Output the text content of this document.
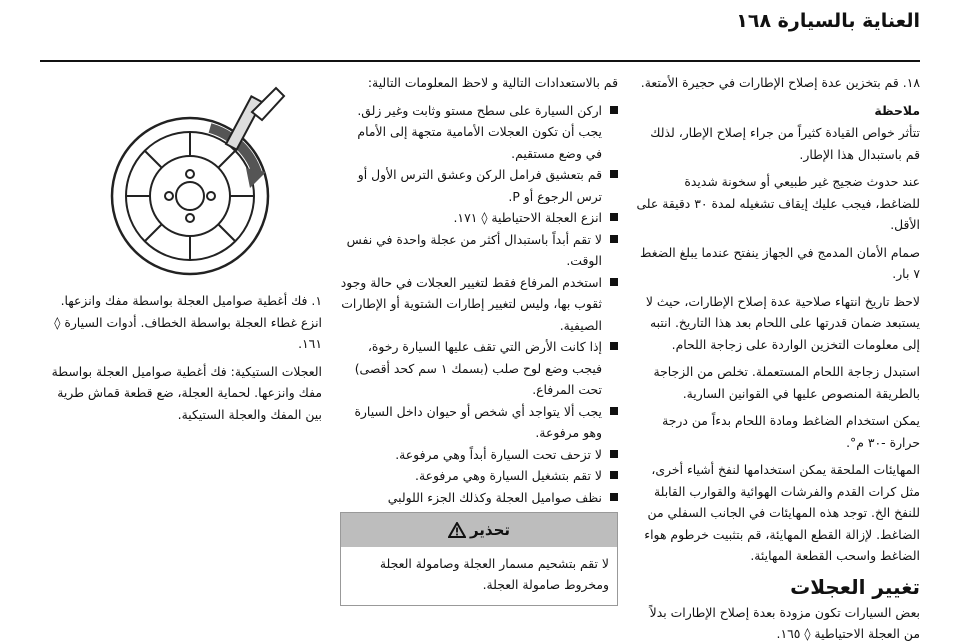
العناية بالسيارة ١٦٨

١٨. قم بتخزين عدة إصلاح الإطارات في حجيرة الأمتعة.

ملاحظة

تتأثر خواص القيادة كثيراً من جراء إصلاح الإطار، لذلك قم باستبدال هذا الإطار.

عند حدوث ضجيج غير طبيعي أو سخونة شديدة للضاغط، فيجب عليك إيقاف تشغيله لمدة ٣٠ دقيقة على الأقل.

صمام الأمان المدمج في الجهاز ينفتح عندما يبلغ الضغط ٧ بار.

لاحظ تاريخ انتهاء صلاحية عدة إصلاح الإطارات، حيث لا يستبعد ضمان قدرتها على اللحام بعد هذا التاريخ. انتبه إلى معلومات التخزين الواردة على زجاجة اللحام.

استبدل زجاجة اللحام المستعملة. تخلص من الزجاجة بالطريقة المنصوص عليها في القوانين السارية.

يمكن استخدام الضاغط ومادة اللحام بدءاً من درجة حرارة -٣٠ م°.

المهايئات الملحقة يمكن استخدامها لنفخ أشياء أخرى، مثل كرات القدم والفرشات الهوائية والقوارب القابلة للنفخ الخ. توجد هذه المهايئات في الجانب السفلي من الضاغط. لإزالة القطع المهايئة، قم بتثبيت خرطوم هواء الضاغط واسحب القطعة المهايئة.

تغيير العجلات

بعض السيارات تكون مزودة بعدة إصلاح الإطارات بدلاً من العجلة الاحتياطية ◊ ١٦٥.

قم بالاستعدادات التالية و لاحظ المعلومات التالية:

اركن السيارة على سطح مستو وثابت وغير زلق. يجب أن تكون العجلات الأمامية متجهة إلى الأمام في وضع مستقيم.
قم بتعشيق فرامل الركن وعشق الترس الأول أو ترس الرجوع أو P.
انزع العجلة الاحتياطية ◊ ١٧١.
لا تقم أبداً باستبدال أكثر من عجلة واحدة في نفس الوقت.
استخدم المرفاع فقط لتغيير العجلات في حالة وجود ثقوب بها، وليس لتغيير إطارات الشتوية أو الإطارات الصيفية.
إذا كانت الأرض التي تقف عليها السيارة رخوة، فيجب وضع لوح صلب (بسمك ١ سم كحد أقصى) تحت المرفاع.
يجب ألا يتواجد أي شخص أو حيوان داخل السيارة وهو مرفوعة.
لا تزحف تحت السيارة أبداً وهي مرفوعة.
لا تقم بتشغيل السيارة وهي مرفوعة.
نظف صواميل العجلة وكذلك الجزء اللولبي
تحذير
لا تقم بتشحيم مسمار العجلة وصامولة العجلة ومخروط صامولة العجلة.

١. فك أغطية صواميل العجلة بواسطة مفك وانزعها. انزع غطاء العجلة بواسطة الخطاف. أدوات السيارة ◊ ١٦١.

العجلات الستيكية: فك أغطية صواميل العجلة بواسطة مفك وانزعها. لحماية العجلة، ضع قطعة قماش طرية بين المفك والعجلة الستيكية.
